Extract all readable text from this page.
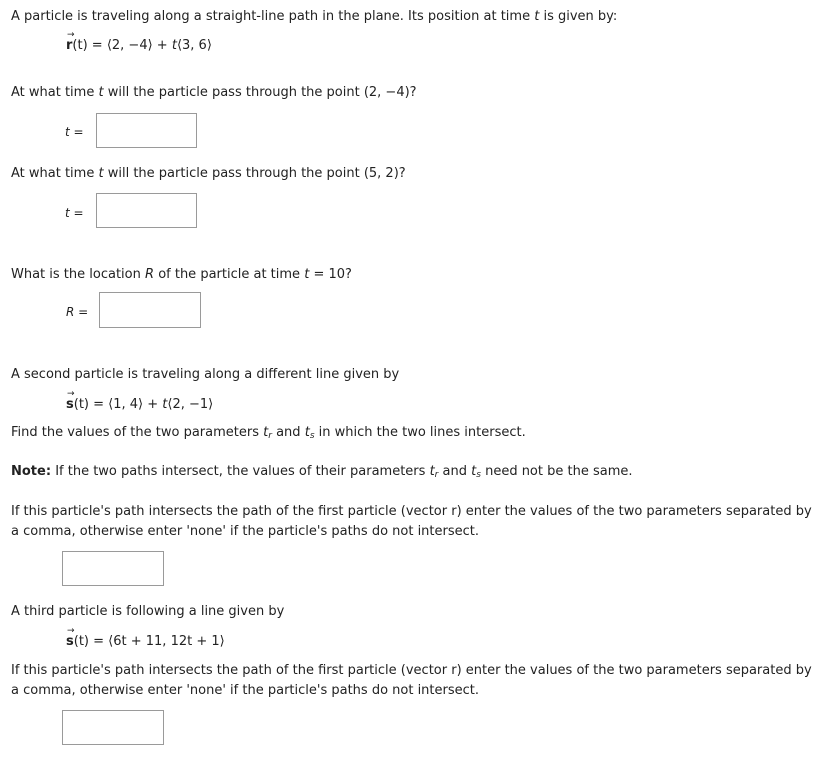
A particle is traveling along a straight-line path in the plane. Its position at time t is given by:
→
r(t) = ⟨2, −4⟩ + t⟨3, 6⟩
At what time t will the particle pass through the point (2, −4)?
t =
At what time t will the particle pass through the point (5, 2)?
t =
What is the location R of the particle at time t = 10?
R =
A second particle is traveling along a different line given by
→
s(t) = ⟨1, 4⟩ + t⟨2, −1⟩
Find the values of the two parameters $t_r$ and $t_s$ in which the two lines intersect.
Note: If the two paths intersect, the values of their parameters $t_r$ and $t_s$ need not be the same.
If this particle's path intersects the path of the first particle (vector r) enter the values of the two parameters separated by a comma, otherwise enter 'none' if the particle's paths do not intersect.
A third particle is following a line given by
→
s(t) = ⟨6t + 11, 12t + 1⟩
If this particle's path intersects the path of the first particle (vector r) enter the values of the two parameters separated by a comma, otherwise enter 'none' if the particle's paths do not intersect.
